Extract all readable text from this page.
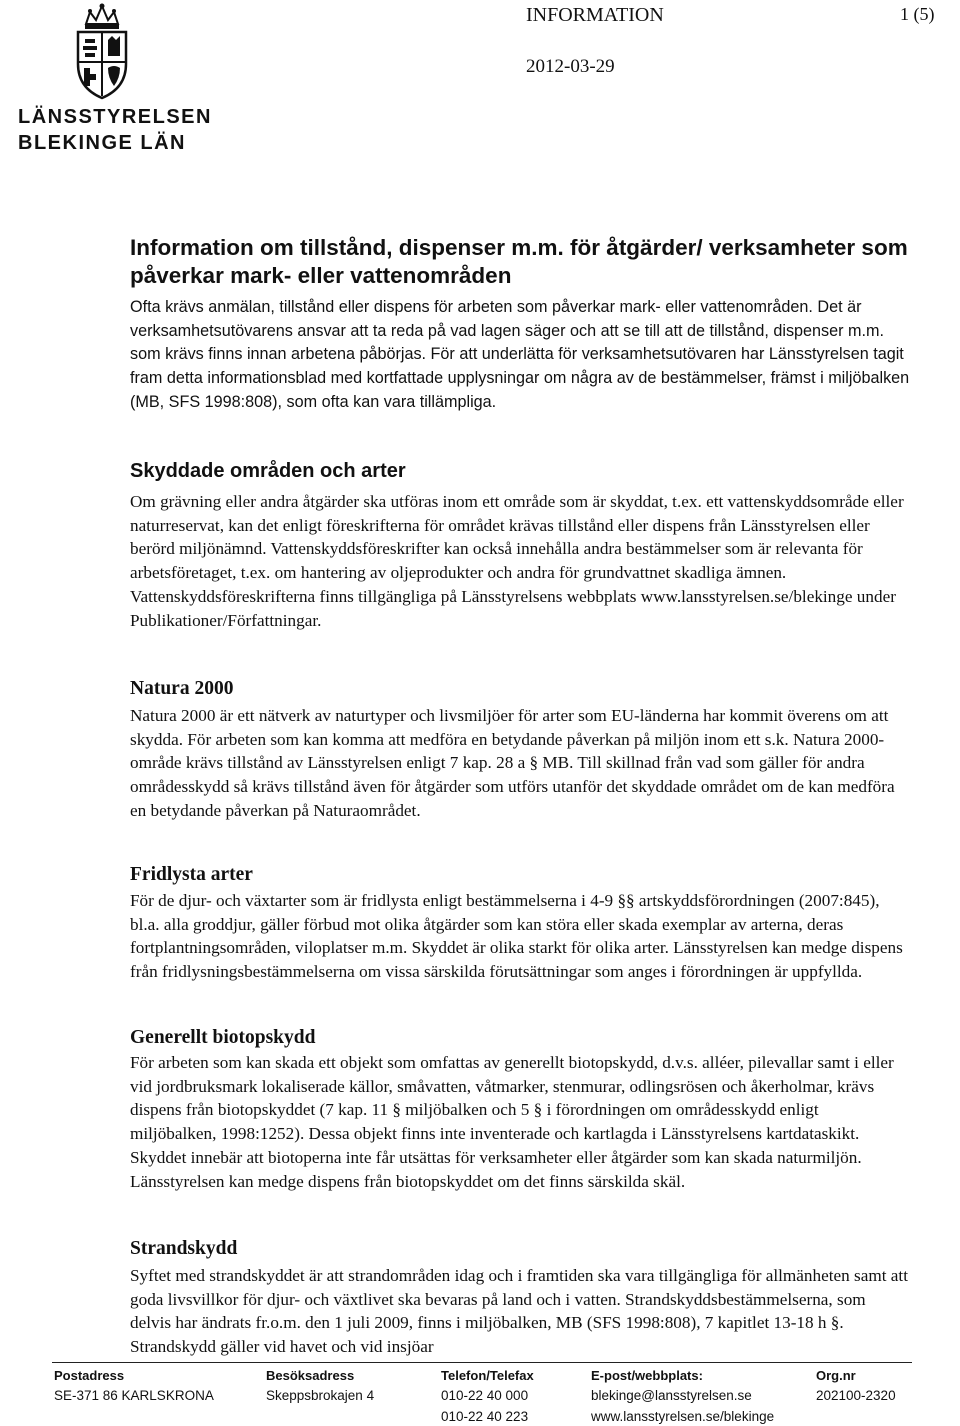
LÄNSSTYRELSEN
BLEKINGE LÄN
INFORMATION	1 (5)
2012-03-29
Information om tillstånd, dispenser m.m. för åtgärder/ verksamheter som påverkar mark- eller vattenområden

Ofta krävs anmälan, tillstånd eller dispens för arbeten som påverkar mark- eller vattenområden. Det är verksamhetsutövarens ansvar att ta reda på vad lagen säger och att se till att de tillstånd, dispenser m.m. som krävs finns innan arbetena påbörjas. För att underlätta för verksamhetsutövaren har Länsstyrelsen tagit fram detta informationsblad med kortfattade upplysningar om några av de bestämmelser, främst i miljöbalken (MB, SFS 1998:808), som ofta kan vara tillämpliga.

Skyddade områden och arter

Om grävning eller andra åtgärder ska utföras inom ett område som är skyddat, t.ex. ett vattenskyddsområde eller naturreservat, kan det enligt föreskrifterna för området krävas tillstånd eller dispens från Länsstyrelsen eller berörd miljönämnd. Vattenskyddsföreskrifter kan också innehålla andra bestämmelser som är relevanta för arbetsföretaget, t.ex. om hantering av oljeprodukter och andra för grundvattnet skadliga ämnen. Vattenskyddsföreskrifterna finns tillgängliga på Länsstyrelsens webbplats www.lansstyrelsen.se/blekinge under Publikationer/Författningar.

Natura 2000

Natura 2000 är ett nätverk av naturtyper och livsmiljöer för arter som EU-länderna har kommit överens om att skydda. För arbeten som kan komma att medföra en betydande påverkan på miljön inom ett s.k. Natura 2000-område krävs tillstånd av Länsstyrelsen enligt 7 kap. 28 a § MB. Till skillnad från vad som gäller för andra områdesskydd så krävs tillstånd även för åtgärder som utförs utanför det skyddade området om de kan medföra en betydande påverkan på Naturaområdet.

Fridlysta arter

För de djur- och växtarter som är fridlysta enligt bestämmelserna i 4-9 §§ artskyddsförordningen (2007:845), bl.a. alla groddjur, gäller förbud mot olika åtgärder som kan störa eller skada exemplar av arterna, deras fortplantningsområden, viloplatser m.m. Skyddet är olika starkt för olika arter. Länsstyrelsen kan medge dispens från fridlysningsbestämmelserna om vissa särskilda förutsättningar som anges i förordningen är uppfyllda.

Generellt biotopskydd

För arbeten som kan skada ett objekt som omfattas av generellt biotopskydd, d.v.s. alléer, pilevallar samt i eller vid jordbruksmark lokaliserade källor, småvatten, våtmarker, stenmurar, odlingsrösen och åkerholmar, krävs dispens från biotopskyddet (7 kap. 11 § miljöbalken och 5 § i förordningen om områdesskydd enligt miljöbalken, 1998:1252). Dessa objekt finns inte inventerade och kartlagda i Länsstyrelsens kartdataskikt. Skyddet innebär att biotoperna inte får utsättas för verksamheter eller åtgärder som kan skada naturmiljön. Länsstyrelsen kan medge dispens från biotopskyddet om det finns särskilda skäl.

Strandskydd

Syftet med strandskyddet är att strandområden idag och i framtiden ska vara tillgängliga för allmänheten samt att goda livsvillkor för djur- och växtlivet ska bevaras på land och i vatten. Strandskyddsbestämmelserna, som delvis har ändrats fr.o.m. den 1 juli 2009, finns i miljöbalken, MB (SFS 1998:808), 7 kapitlet 13-18 h §. Strandskydd gäller vid havet och vid insjöar

Postadress
SE-371 86 KARLSKRONA
Besöksadress
Skeppsbrokajen 4
Telefon/Telefax
010-22 40 000
010-22 40 223
E-post/webbplats:
blekinge@lansstyrelsen.se
www.lansstyrelsen.se/blekinge
Org.nr
202100-2320
